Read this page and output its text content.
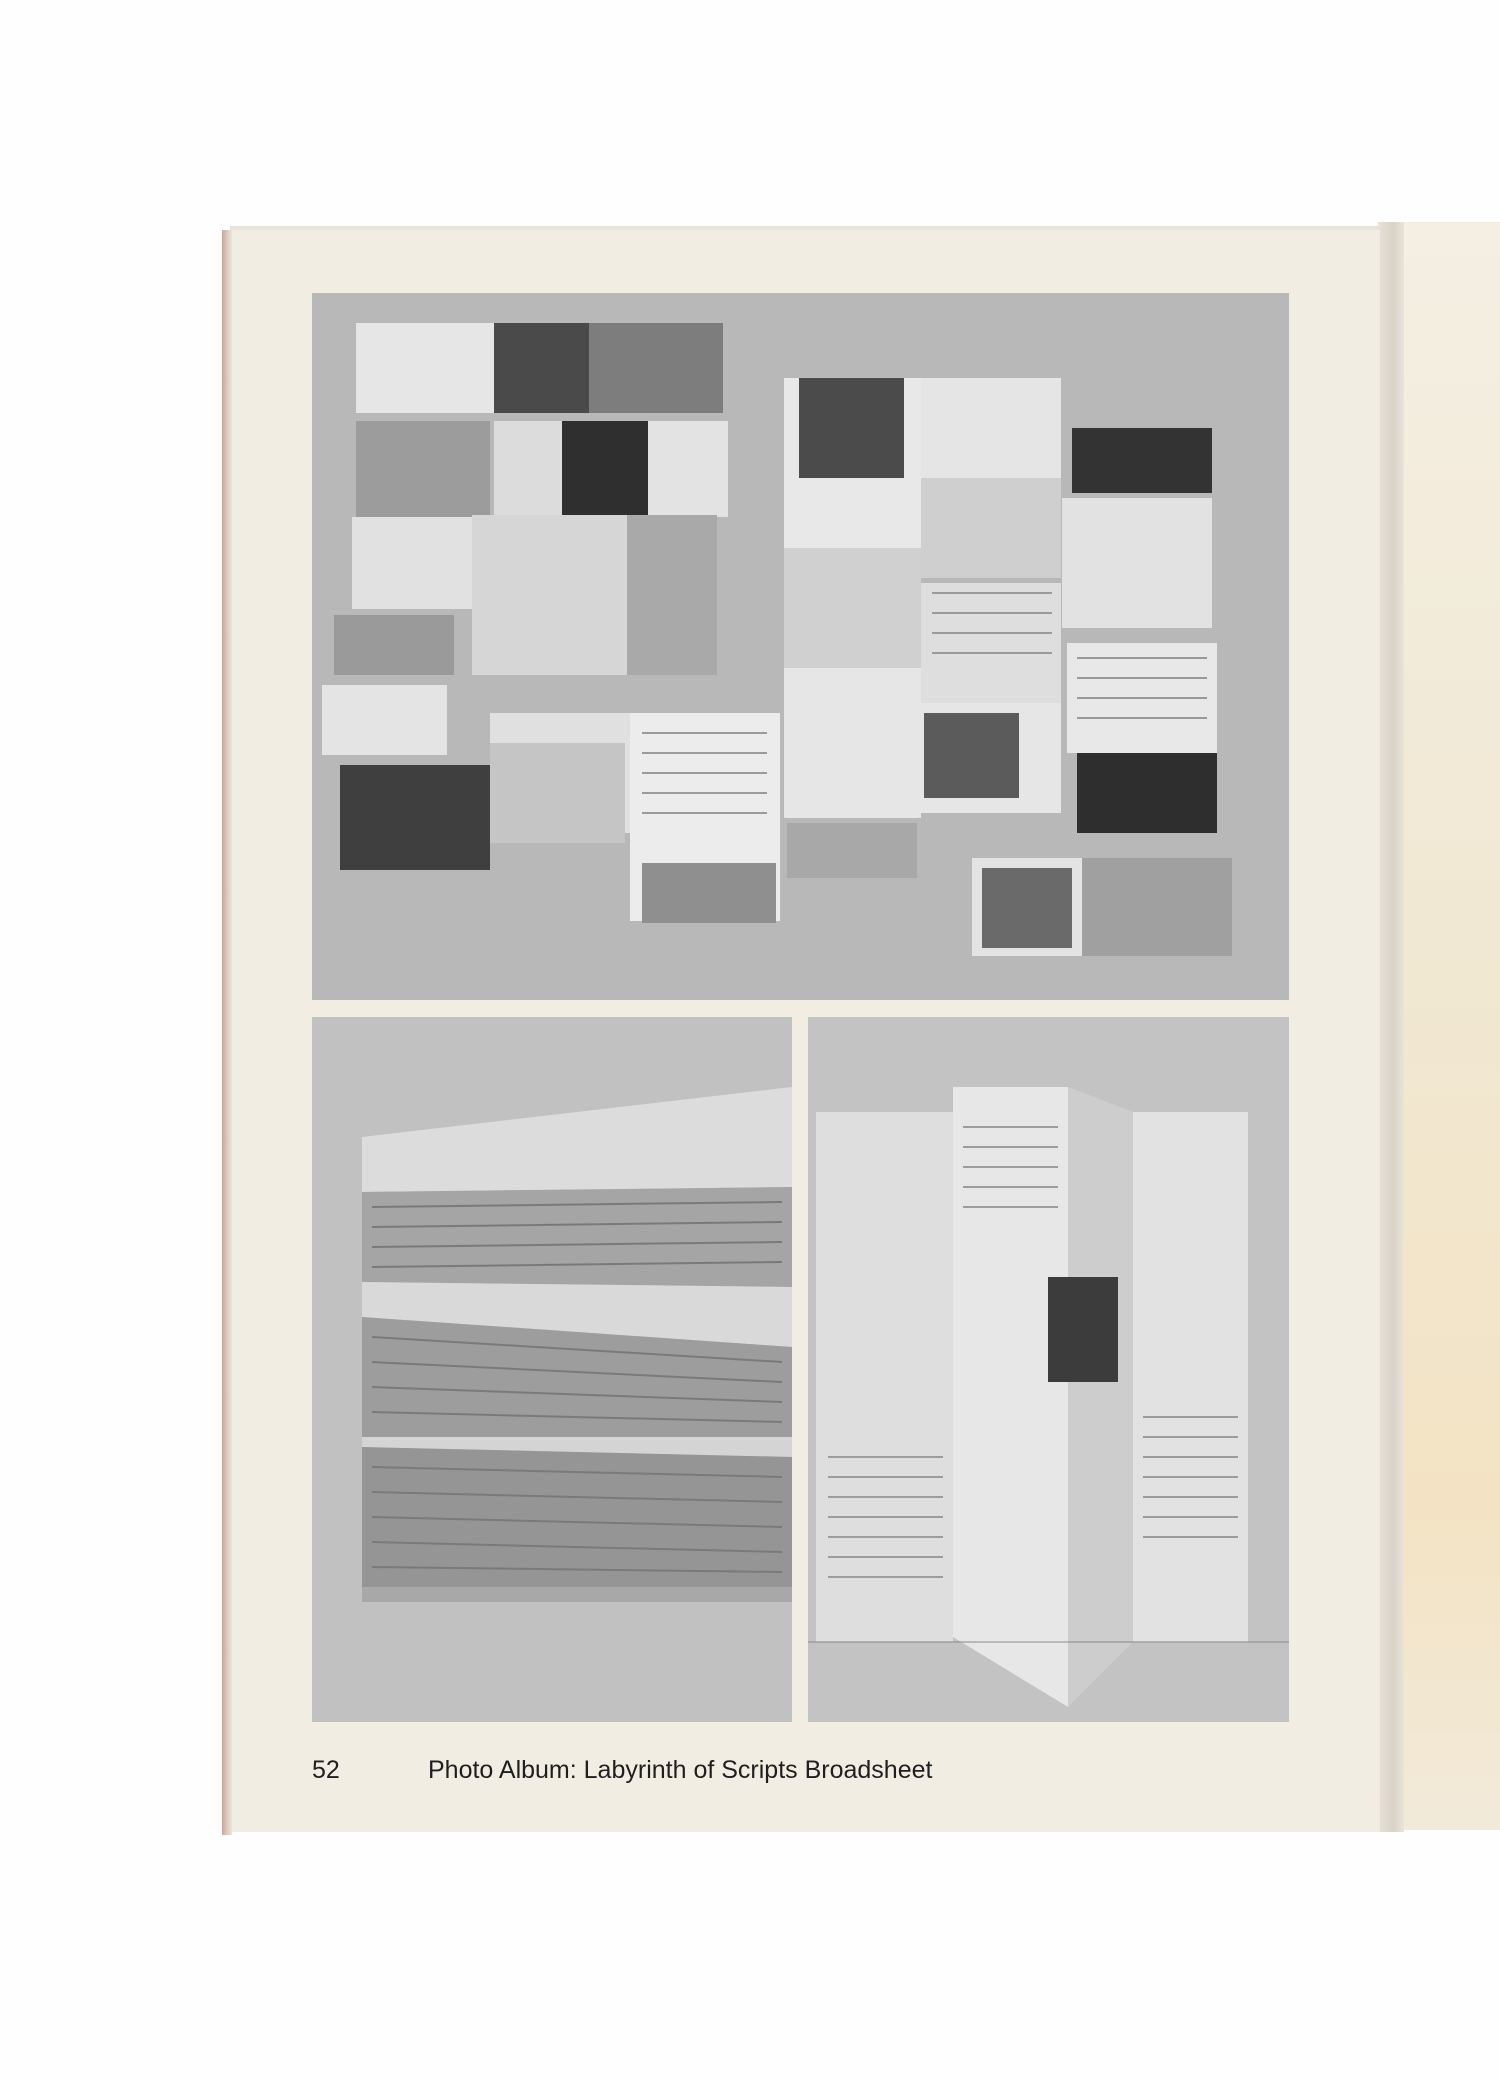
52	Photo Album: Labyrinth of Scripts Broadsheet
